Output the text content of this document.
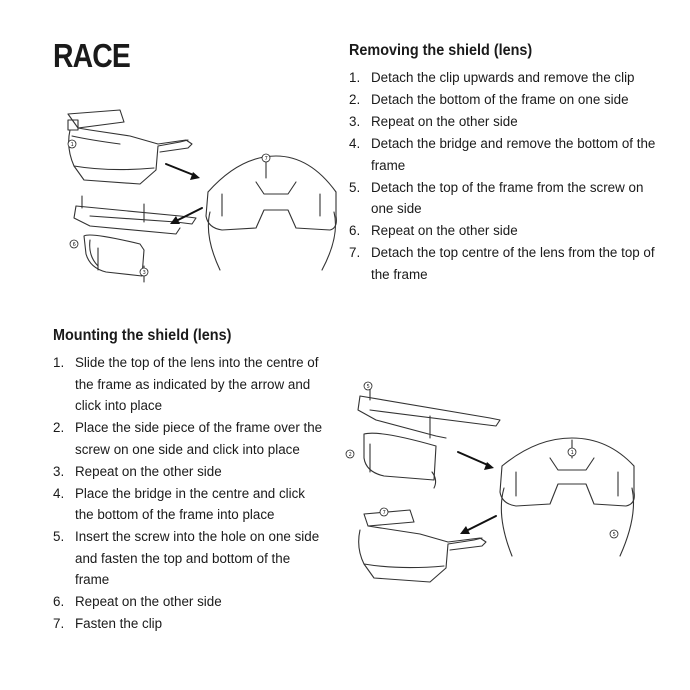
RACE	Removing the shield (lens)
1. Detach the clip upwards and remove the clip
2. Detach the bottom of the frame on one side
3. Repeat on the other side
4. Detach the bridge and remove the bottom of the frame
5. Detach the top of the frame from the screw on one side
6. Repeat on the other side
7. Detach the top centre of the lens from the top of the frame
Mounting the shield (lens)
1. Slide the top of the lens into the centre of the frame as indicated by the arrow and click into place
2. Place the side piece of the frame over the screw on one side and click into place
3. Repeat on the other side
4. Place the bridge in the centre and click the bottom of the frame into place
5. Insert the screw into the hole on one side and fasten the top and bottom of the frame
6. Repeat on the other side
7. Fasten the clip
1
7
6
3
5
2	1
7
5
